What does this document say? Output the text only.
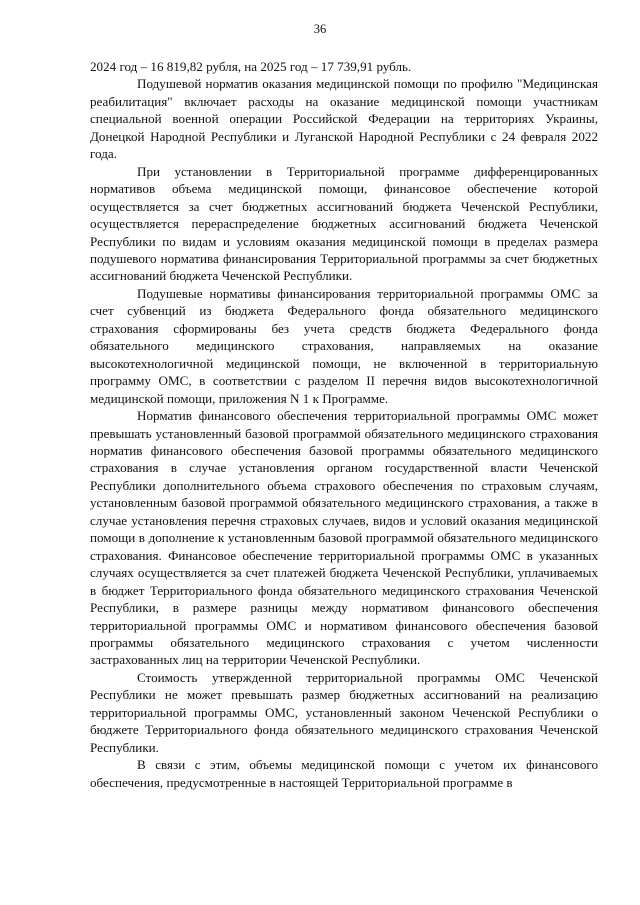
36

2024 год – 16 819,82 рубля, на 2025 год – 17 739,91 рубль.

Подушевой норматив оказания медицинской помощи по профилю "Медицинская реабилитация" включает расходы на оказание медицинской помощи участникам специальной военной операции Российской Федерации на территориях Украины, Донецкой Народной Республики и Луганской Народной Республики с 24 февраля 2022 года.

При установлении в Территориальной программе дифференцированных нормативов объема медицинской помощи, финансовое обеспечение которой осуществляется за счет бюджетных ассигнований бюджета Чеченской Республики, осуществляется перераспределение бюджетных ассигнований бюджета Чеченской Республики по видам и условиям оказания медицинской помощи в пределах размера подушевого норматива финансирования Территориальной программы за счет бюджетных ассигнований бюджета Чеченской Республики.

Подушевые нормативы финансирования территориальной программы ОМС за счет субвенций из бюджета Федерального фонда обязательного медицинского страхования сформированы без учета средств бюджета Федерального фонда обязательного медицинского страхования, направляемых на оказание высокотехнологичной медицинской помощи, не включенной в территориальную программу ОМС, в соответствии с разделом II перечня видов высокотехнологичной медицинской помощи, приложения N 1 к Программе.

Норматив финансового обеспечения территориальной программы ОМС может превышать установленный базовой программой обязательного медицинского страхования норматив финансового обеспечения базовой программы обязательного медицинского страхования в случае установления органом государственной власти Чеченской Республики дополнительного объема страхового обеспечения по страховым случаям, установленным базовой программой обязательного медицинского страхования, а также в случае установления перечня страховых случаев, видов и условий оказания медицинской помощи в дополнение к установленным базовой программой обязательного медицинского страхования. Финансовое обеспечение территориальной программы ОМС в указанных случаях осуществляется за счет платежей бюджета Чеченской Республики, уплачиваемых в бюджет Территориального фонда обязательного медицинского страхования Чеченской Республики, в размере разницы между нормативом финансового обеспечения территориальной программы ОМС и нормативом финансового обеспечения базовой программы обязательного медицинского страхования с учетом численности застрахованных лиц на территории Чеченской Республики.

Стоимость утвержденной территориальной программы ОМС Чеченской Республики не может превышать размер бюджетных ассигнований на реализацию территориальной программы ОМС, установленный законом Чеченской Республики о бюджете Территориального фонда обязательного медицинского страхования Чеченской Республики.

В связи с этим, объемы медицинской помощи с учетом их финансового обеспечения, предусмотренные в настоящей Территориальной программе в
